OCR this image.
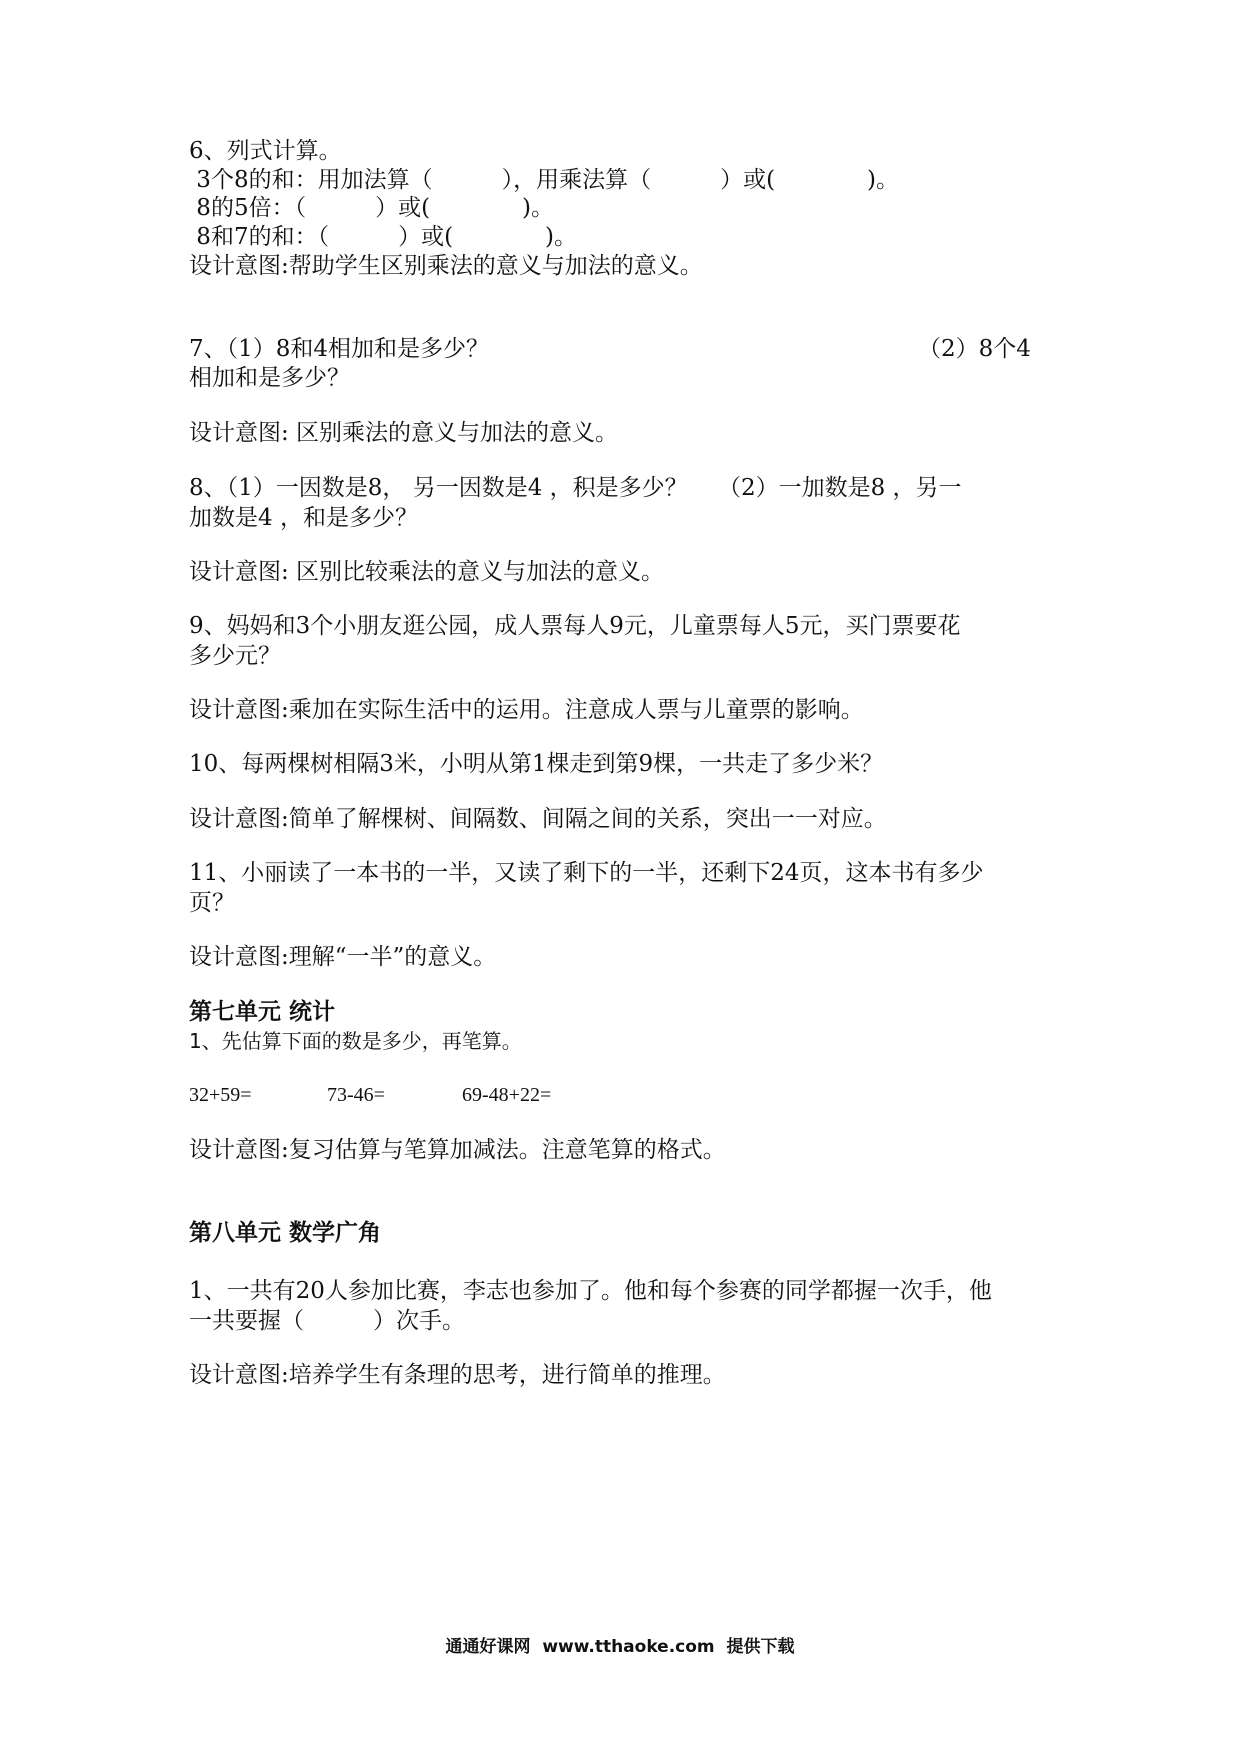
6、列式计算。
3个8的和：用加法算（　　　），用乘法算（　　　）或(　　　　)。
8的5倍：（　　　）或(　　　　)。
8和7的和：（　　　）或(　　　　)。
设计意图:帮助学生区别乘法的意义与加法的意义。
7、（1）8和4相加和是多少？	（2）8个4
相加和是多少？
设计意图: 区别乘法的意义与加法的意义。
8、（1）一因数是8， 另一因数是4 ，积是多少？　 （2）一加数是8 ，另一
加数是4 ，和是多少？
设计意图: 区别比较乘法的意义与加法的意义。
9、妈妈和3个小朋友逛公园，成人票每人9元，儿童票每人5元，买门票要花
多少元？
设计意图:乘加在实际生活中的运用。注意成人票与儿童票的影响。
10、每两棵树相隔3米，小明从第1棵走到第9棵，一共走了多少米？
设计意图:简单了解棵树、间隔数、间隔之间的关系，突出一一对应。
11、小丽读了一本书的一半，又读了剩下的一半，还剩下24页，这本书有多少
页？
设计意图:理解“一半”的意义。
第七单元 统计
1、先估算下面的数是多少，再笔算。
32+59=	73-46=	69-48+22=
设计意图:复习估算与笔算加减法。注意笔算的格式。
第八单元 数学广角
1、一共有20人参加比赛，李志也参加了。他和每个参赛的同学都握一次手，他
一共要握（　　　）次手。
设计意图:培养学生有条理的思考，进行简单的推理。
通通好课网  www.tthaoke.com  提供下载
